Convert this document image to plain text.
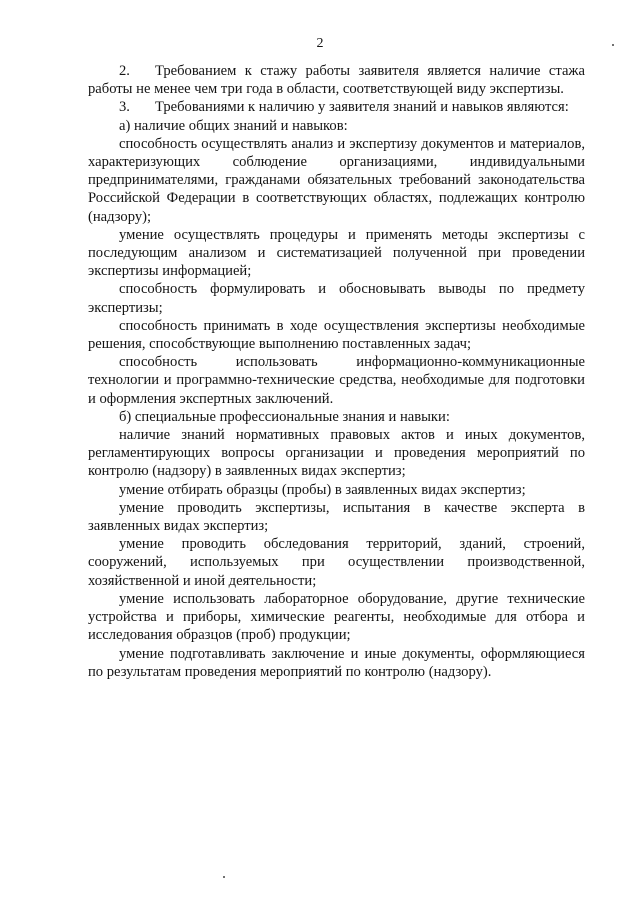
2

2. Требованием к стажу работы заявителя является наличие стажа работы не менее чем три года в области, соответствующей виду экспертизы.

3. Требованиями к наличию у заявителя знаний и навыков являются:

а) наличие общих знаний и навыков:

способность осуществлять анализ и экспертизу документов и материалов, характеризующих соблюдение организациями, индивидуальными предпринимателями, гражданами обязательных требований законодательства Российской Федерации в соответствующих областях, подлежащих контролю (надзору);

умение осуществлять процедуры и применять методы экспертизы с последующим анализом и систематизацией полученной при проведении экспертизы информацией;

способность формулировать и обосновывать выводы по предмету экспертизы;

способность принимать в ходе осуществления экспертизы необходимые решения, способствующие выполнению поставленных задач;

способность использовать информационно-коммуникационные технологии и программно-технические средства, необходимые для подготовки и оформления экспертных заключений.

б) специальные профессиональные знания и навыки:

наличие знаний нормативных правовых актов и иных документов, регламентирующих вопросы организации и проведения мероприятий по контролю (надзору) в заявленных видах экспертиз;

умение отбирать образцы (пробы) в заявленных видах экспертиз;

умение проводить экспертизы, испытания в качестве эксперта в заявленных видах экспертиз;

умение проводить обследования территорий, зданий, строений, сооружений, используемых при осуществлении производственной, хозяйственной и иной деятельности;

умение использовать лабораторное оборудование, другие технические устройства и приборы, химические реагенты, необходимые для отбора и исследования образцов (проб) продукции;

умение подготавливать заключение и иные документы, оформляющиеся по результатам проведения мероприятий по контролю (надзору).
